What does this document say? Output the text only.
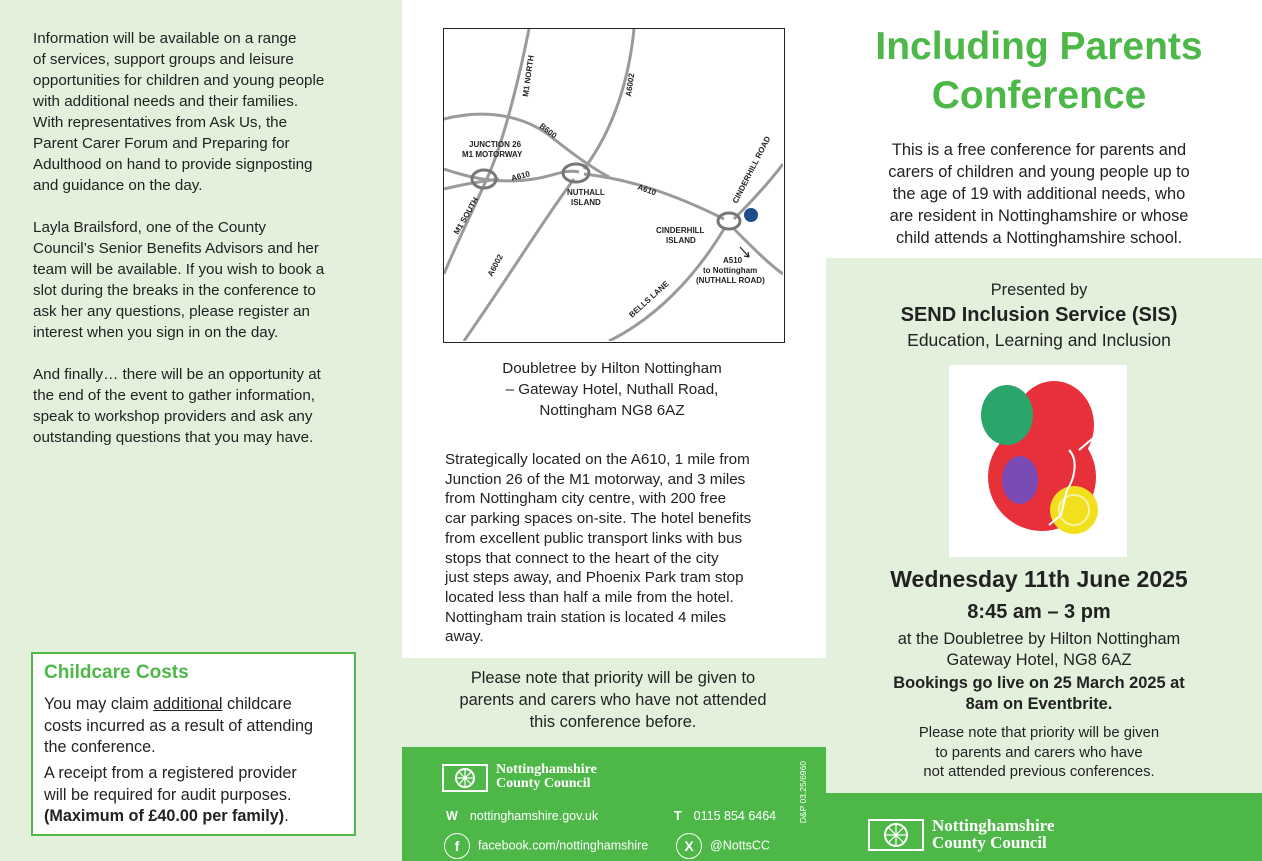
Information will be available on a range

of services, support groups and leisure

opportunities for children and young people

with additional needs and their families.

With representatives from Ask Us, the

Parent Carer Forum and Preparing for

Adulthood on hand to provide signposting

and guidance on the day.

Layla Brailsford, one of the County

Council’s Senior Benefits Advisors and her

team will be available. If you wish to book a

slot during the breaks in the conference to

ask her any questions, please register an

interest when you sign in on the day.

And finally… there will be an opportunity at

the end of the event to gather information,

speak to workshop providers and ask any

outstanding questions that you may have.

Childcare Costs

You may claim additional childcare

costs incurred as a result of attending

the conference.

A receipt from a registered provider

will be required for audit purposes.

(Maximum of £40.00 per family).

M1 NORTH	A6002
B600
JUNCTION 26
M1 MOTORWAY
A610
NUTHALL
ISLAND
A610	CINDERHILL ROAD
M1 SOUTH	CINDERHILL
ISLAND
A510
to Nottingham
(NUTHALL ROAD)
A6002
BELLS LANE

Doubletree by Hilton Nottingham

– Gateway Hotel, Nuthall Road,

Nottingham NG8 6AZ

Strategically located on the A610, 1 mile from

Junction 26 of the M1 motorway, and 3 miles

from Nottingham city centre, with 200 free

car parking spaces on-site. The hotel benefits

from excellent public transport links with bus

stops that connect to the heart of the city

just steps away, and Phoenix Park tram stop

located less than half a mile from the hotel.

Nottingham train station is located 4 miles

away.

Please note that priority will be given to

parents and carers who have not attended

this conference before.

Nottinghamshire
County Council
W nottinghamshire.gov.uk	T 0115 854 6464
f facebook.com/nottinghamshire	X @NottsCC
D&P 03.25/6960
Including Parents
Conference

This is a free conference for parents and

carers of children and young people up to

the age of 19 with additional needs, who

are resident in Nottinghamshire or whose

child attends a Nottinghamshire school.

Presented by
SEND Inclusion Service (SIS)
Education, Learning and Inclusion
Wednesday 11th June 2025
8:45 am – 3 pm
at the Doubletree by Hilton Nottingham
Gateway Hotel, NG8 6AZ
Bookings go live on 25 March 2025 at
8am on Eventbrite.

Please note that priority will be given

to parents and carers who have

not attended previous conferences.

Nottinghamshire
County Council
